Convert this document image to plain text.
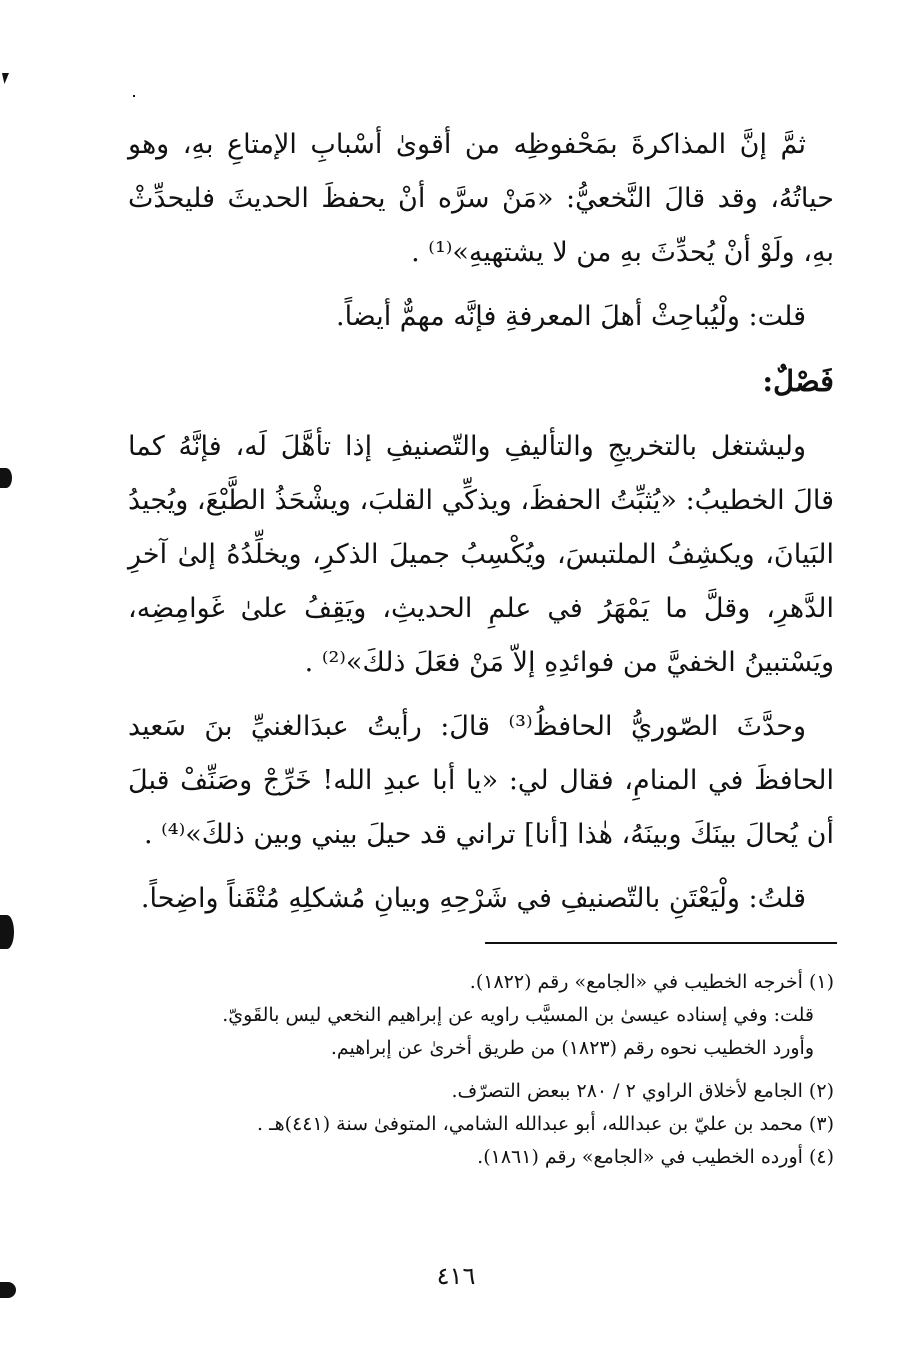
ثمَّ إنَّ المذاكرةَ بمَحْفوظِه من أقوىٰ أسْبابِ الإمتاعِ بهِ، وهو حياتُهُ، وقد قالَ النَّخعيُّ: «مَنْ سرَّه أنْ يحفظَ الحديثَ فليحدِّثْ بهِ، ولَوْ أنْ يُحدِّثَ بهِ من لا يشتهيهِ»⁽¹⁾ .

قلت: ولْيُباحِثْ أهلَ المعرفةِ فإنَّه مهمٌّ أيضاً.

فَصْلٌ:

وليشتغل بالتخريجِ والتأليفِ والتّصنيفِ إذا تأهَّلَ لَه، فإنَّهُ كما قالَ الخطيبُ: «يُثبِّتُ الحفظَ، ويذكِّي القلبَ، ويشْحَذُ الطَّبْعَ، ويُجيدُ البَيانَ، ويكشِفُ الملتبسَ، ويُكْسِبُ جميلَ الذكرِ، ويخلِّدُهُ إلىٰ آخرِ الدَّهرِ، وقلَّ ما يَمْهَرُ في علمِ الحديثِ، ويَقِفُ علىٰ غَوامِضِه، ويَسْتبينُ الخفيَّ من فوائدِهِ إلاّ مَنْ فعَلَ ذلكَ»⁽²⁾ .

وحدَّثَ الصّوريُّ الحافظُ⁽³⁾ قالَ: رأيتُ عبدَالغنيِّ بنَ سَعيد الحافظَ في المنامِ، فقال لي: «يا أبا عبدِ الله! خَرِّجْ وصَنِّفْ قبلَ أن يُحالَ بينَكَ وبينَهُ، هٰذا [أنا] تراني قد حيلَ بيني وبين ذلكَ»⁽⁴⁾ .

قلتُ: ولْيَعْتَنِ بالتّصنيفِ في شَرْحِهِ وبيانِ مُشكلِهِ مُتْقَناً واضِحاً.

(١) أخرجه الخطيب في «الجامع» رقم (١٨٢٢).

قلت: وفي إسناده عيسىٰ بن المسيَّب راويه عن إبراهيم النخعي ليس بالقَويّ.

وأورد الخطيب نحوه رقم (١٨٢٣) من طريق أخرىٰ عن إبراهيم.

(٢) الجامع لأخلاق الراوي ٢ / ٢٨٠ ببعض التصرّف.

(٣) محمد بن عليّ بن عبدالله، أبو عبدالله الشامي، المتوفىٰ سنة (٤٤١)هـ .

(٤) أورده الخطيب في «الجامع» رقم (١٨٦١).

٤١٦
